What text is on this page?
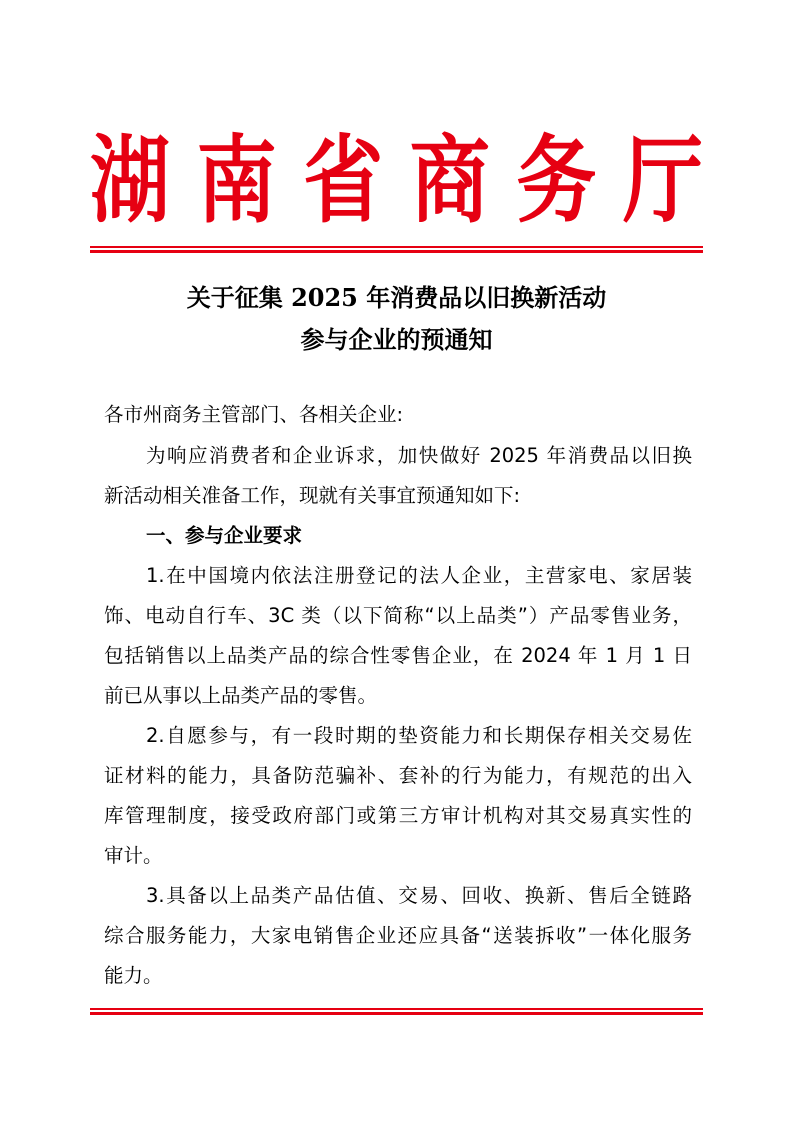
湖 南 省 商 务 厅
关于征集 2025 年消费品以旧换新活动
参与企业的预通知
各市州商务主管部门、各相关企业:
为响应消费者和企业诉求，加快做好 2025 年消费品以旧换
新活动相关准备工作，现就有关事宜预通知如下:
一、参与企业要求
1.在中国境内依法注册登记的法人企业，主营家电、家居装
饰、电动自行车、3C 类（以下简称“以上品类”）产品零售业务，
包括销售以上品类产品的综合性零售企业，在 2024 年 1 月 1 日
前已从事以上品类产品的零售。
2.自愿参与，有一段时期的垫资能力和长期保存相关交易佐
证材料的能力，具备防范骗补、套补的行为能力，有规范的出入
库管理制度，接受政府部门或第三方审计机构对其交易真实性的
审计。
3.具备以上品类产品估值、交易、回收、换新、售后全链路
综合服务能力，大家电销售企业还应具备“送装拆收”一体化服务
能力。
